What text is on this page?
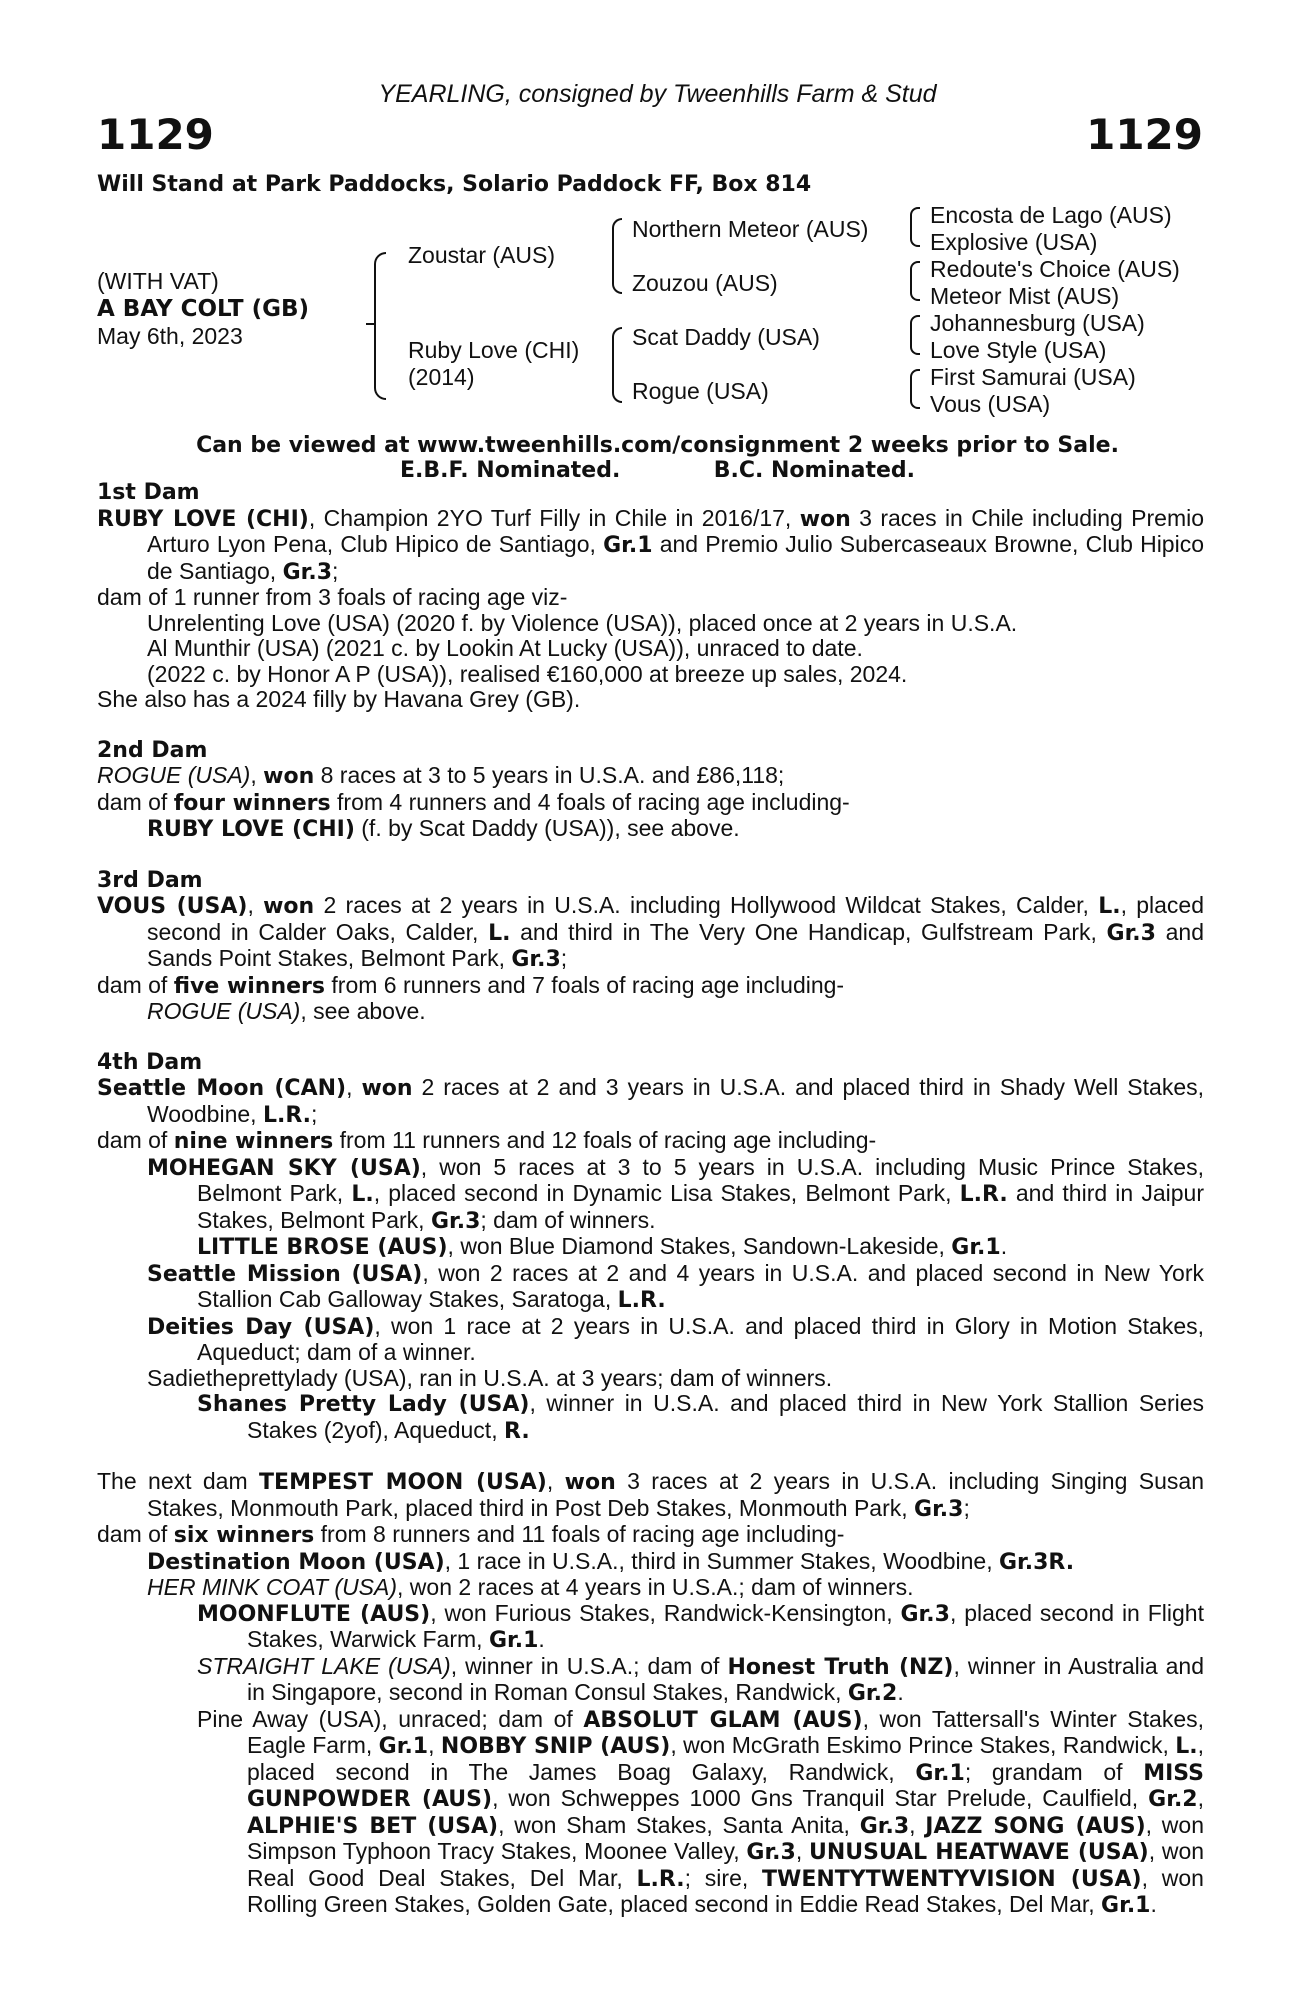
YEARLING, consigned by Tweenhills Farm & Stud
1129	1129
Will Stand at Park Paddocks, Solario Paddock FF, Box 814
(WITH VAT)
A BAY COLT (GB)
May 6th, 2023
Zoustar (AUS)
Ruby Love (CHI)
(2014)
Northern Meteor (AUS)
Zouzou (AUS)
Scat Daddy (USA)
Rogue (USA)
Encosta de Lago (AUS)
Explosive (USA)
Redoute's Choice (AUS)
Meteor Mist (AUS)
Johannesburg (USA)
Love Style (USA)
First Samurai (USA)
Vous (USA)
Can be viewed at www.tweenhills.com/consignment 2 weeks prior to Sale.
E.B.F. Nominated.	B.C. Nominated.

1st Dam

RUBY LOVE (CHI), Champion 2YO Turf Filly in Chile in 2016/17, won 3 races in Chile including Premio Arturo Lyon Pena, Club Hipico de Santiago, Gr.1 and Premio Julio Subercaseaux Browne, Club Hipico de Santiago, Gr.3;

dam of 1 runner from 3 foals of racing age viz-

Unrelenting Love (USA) (2020 f. by Violence (USA)), placed once at 2 years in U.S.A.

Al Munthir (USA) (2021 c. by Lookin At Lucky (USA)), unraced to date.

(2022 c. by Honor A P (USA)), realised €160,000 at breeze up sales, 2024.

She also has a 2024 filly by Havana Grey (GB).

2nd Dam

ROGUE (USA), won 8 races at 3 to 5 years in U.S.A. and £86,118;

dam of four winners from 4 runners and 4 foals of racing age including-

RUBY LOVE (CHI) (f. by Scat Daddy (USA)), see above.

3rd Dam

VOUS (USA), won 2 races at 2 years in U.S.A. including Hollywood Wildcat Stakes, Calder, L., placed second in Calder Oaks, Calder, L. and third in The Very One Handicap, Gulfstream Park, Gr.3 and Sands Point Stakes, Belmont Park, Gr.3;

dam of five winners from 6 runners and 7 foals of racing age including-

ROGUE (USA), see above.

4th Dam

Seattle Moon (CAN), won 2 races at 2 and 3 years in U.S.A. and placed third in Shady Well Stakes, Woodbine, L.R.;

dam of nine winners from 11 runners and 12 foals of racing age including-

MOHEGAN SKY (USA), won 5 races at 3 to 5 years in U.S.A. including Music Prince Stakes, Belmont Park, L., placed second in Dynamic Lisa Stakes, Belmont Park, L.R. and third in Jaipur Stakes, Belmont Park, Gr.3; dam of winners.

LITTLE BROSE (AUS), won Blue Diamond Stakes, Sandown-Lakeside, Gr.1.

Seattle Mission (USA), won 2 races at 2 and 4 years in U.S.A. and placed second in New York Stallion Cab Galloway Stakes, Saratoga, L.R.

Deities Day (USA), won 1 race at 2 years in U.S.A. and placed third in Glory in Motion Stakes, Aqueduct; dam of a winner.

Sadietheprettylady (USA), ran in U.S.A. at 3 years; dam of winners.

Shanes Pretty Lady (USA), winner in U.S.A. and placed third in New York Stallion Series Stakes (2yof), Aqueduct, R.

The next dam TEMPEST MOON (USA), won 3 races at 2 years in U.S.A. including Singing Susan Stakes, Monmouth Park, placed third in Post Deb Stakes, Monmouth Park, Gr.3;

dam of six winners from 8 runners and 11 foals of racing age including-

Destination Moon (USA), 1 race in U.S.A., third in Summer Stakes, Woodbine, Gr.3R.

HER MINK COAT (USA), won 2 races at 4 years in U.S.A.; dam of winners.

MOONFLUTE (AUS), won Furious Stakes, Randwick-Kensington, Gr.3, placed second in Flight Stakes, Warwick Farm, Gr.1.

STRAIGHT LAKE (USA), winner in U.S.A.; dam of Honest Truth (NZ), winner in Australia and in Singapore, second in Roman Consul Stakes, Randwick, Gr.2.

Pine Away (USA), unraced; dam of ABSOLUT GLAM (AUS), won Tattersall's Winter Stakes, Eagle Farm, Gr.1, NOBBY SNIP (AUS), won McGrath Eskimo Prince Stakes, Randwick, L., placed second in The James Boag Galaxy, Randwick, Gr.1; grandam of MISS GUNPOWDER (AUS), won Schweppes 1000 Gns Tranquil Star Prelude, Caulfield, Gr.2, ALPHIE'S BET (USA), won Sham Stakes, Santa Anita, Gr.3, JAZZ SONG (AUS), won Simpson Typhoon Tracy Stakes, Moonee Valley, Gr.3, UNUSUAL HEATWAVE (USA), won Real Good Deal Stakes, Del Mar, L.R.; sire, TWENTYTWENTYVISION (USA), won Rolling Green Stakes, Golden Gate, placed second in Eddie Read Stakes, Del Mar, Gr.1.
